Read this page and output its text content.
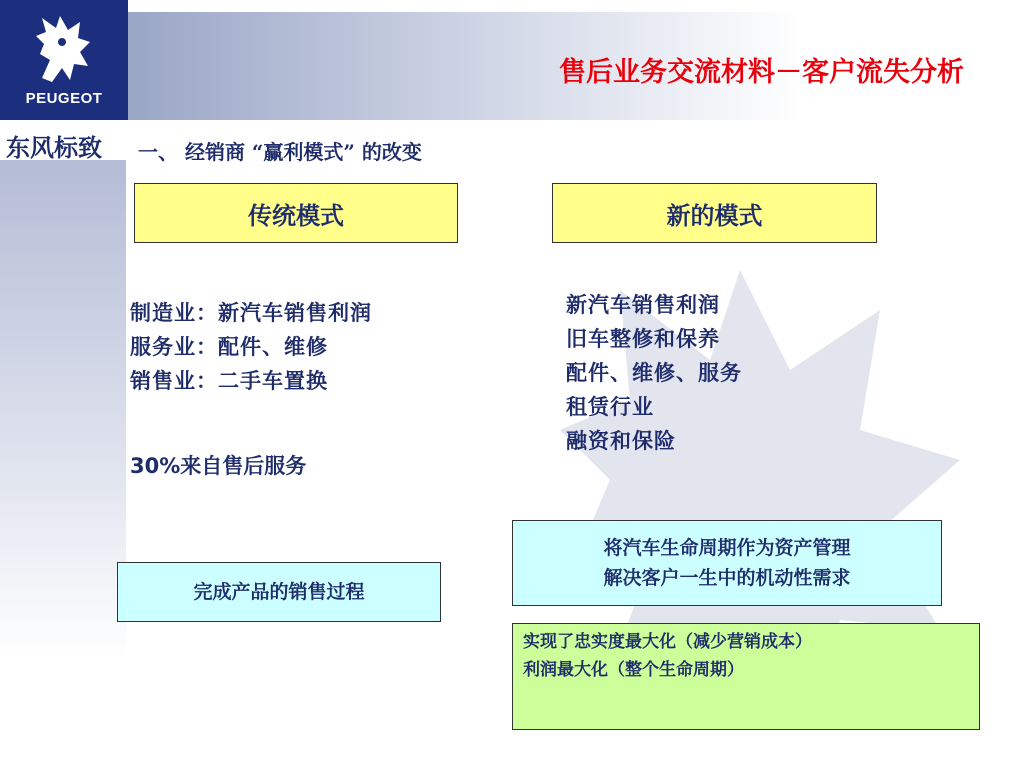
PEUGEOT
东风标致
售后业务交流材料－客户流失分析
一、 经销商 “赢利模式” 的改变
传统模式
制造业：新汽车销售利润
服务业：配件、维修
销售业：二手车置换
30%来自售后服务
完成产品的销售过程
新的模式
新汽车销售利润
旧车整修和保养
配件、维修、服务
租赁行业
融资和保险
将汽车生命周期作为资产管理
解决客户一生中的机动性需求
实现了忠实度最大化（减少营销成本）
利润最大化（整个生命周期）
